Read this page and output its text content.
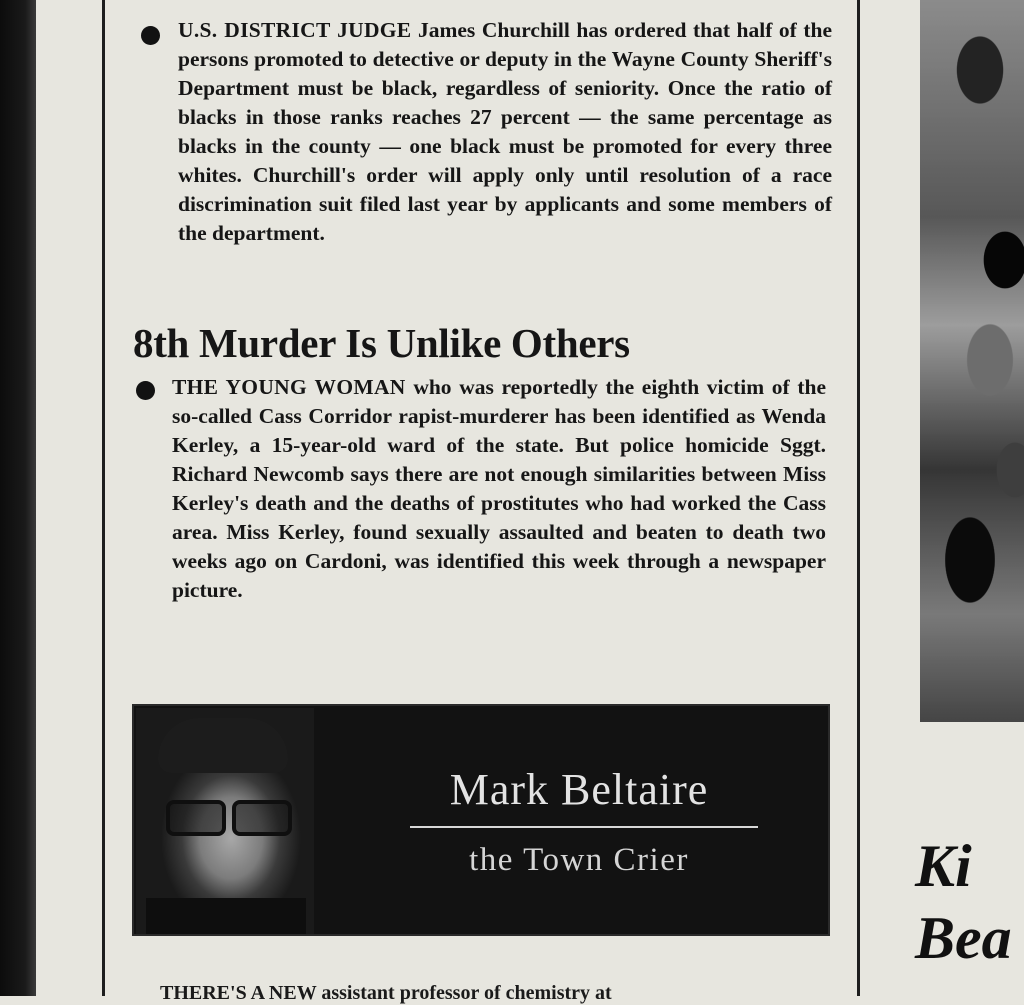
U.S. DISTRICT JUDGE James Churchill has ordered that half of the persons promoted to detective or deputy in the Wayne County Sheriff's Department must be black, regardless of seniority. Once the ratio of blacks in those ranks reaches 27 percent — the same percentage as blacks in the county — one black must be promoted for every three whites. Churchill's order will apply only until resolution of a race discrimination suit filed last year by applicants and some members of the department.

8th Murder Is Unlike Others

THE YOUNG WOMAN who was reportedly the eighth victim of the so-called Cass Corridor rapist-murderer has been identified as Wenda Kerley, a 15-year-old ward of the state. But police homicide Sggt. Richard Newcomb says there are not enough similarities between Miss Kerley's death and the deaths of prostitutes who had worked the Cass area. Miss Kerley, found sexually assaulted and beaten to death two weeks ago on Cardoni, was identified this week through a newspaper picture.

Mark Beltaire

the Town Crier

THERE'S A NEW assistant professor of chemistry at
Ki
Bea
